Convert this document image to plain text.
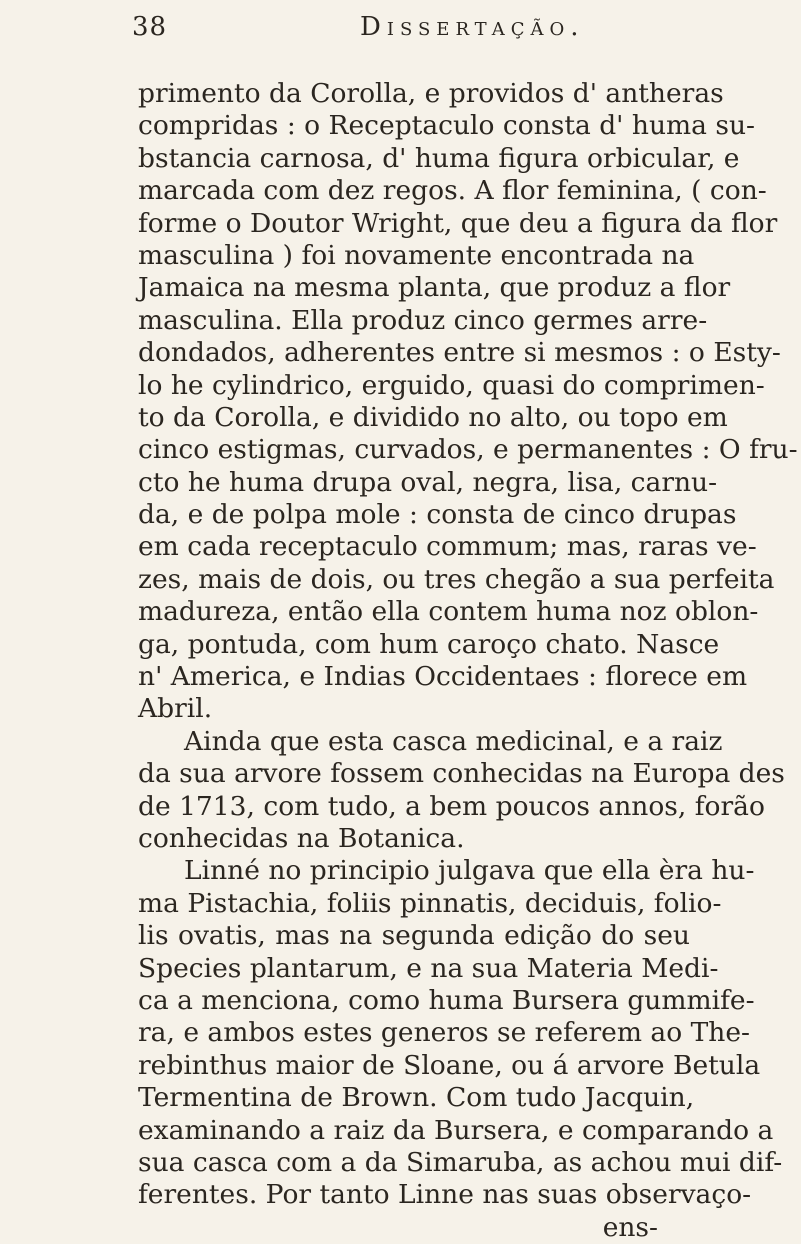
38	Dissertação.
primento da Corolla, e providos d' antheras
compridas : o Receptaculo consta d' huma su-
bstancia carnosa, d' huma figura orbicular, e
marcada com dez regos. A flor feminina, ( con-
forme o Doutor Wright, que deu a figura da flor
masculina ) foi novamente encontrada na
Jamaica na mesma planta, que produz a flor
masculina. Ella produz cinco germes arre-
dondados, adherentes entre si mesmos : o Esty-
lo he cylindrico, erguido, quasi do comprimen-
to da Corolla, e dividido no alto, ou topo em
cinco estigmas, curvados, e permanentes : O fru-
cto he huma drupa oval, negra, lisa, carnu-
da, e de polpa mole : consta de cinco drupas
em cada receptaculo commum; mas, raras ve-
zes, mais de dois, ou tres chegão a sua perfeita
madureza, então ella contem huma noz oblon-
ga, pontuda, com hum caroço chato. Nasce
n' America, e Indias Occidentaes : florece em
Abril.
Ainda que esta casca medicinal, e a raiz
da sua arvore fossem conhecidas na Europa des
de 1713, com tudo, a bem poucos annos, forão
conhecidas na Botanica.
Linné no principio julgava que ella èra hu-
ma Pistachia, foliis pinnatis, deciduis, folio-
lis ovatis, mas na segunda edição do seu
Species plantarum, e na sua Materia Medi-
ca a menciona, como huma Bursera gummife-
ra, e ambos estes generos se referem ao The-
rebinthus maior de Sloane, ou á arvore Betula
Termentina de Brown. Com tudo Jacquin,
examinando a raiz da Bursera, e comparando a
sua casca com a da Simaruba, as achou mui dif-
ferentes. Por tanto Linne nas suas observaço-
ens-
